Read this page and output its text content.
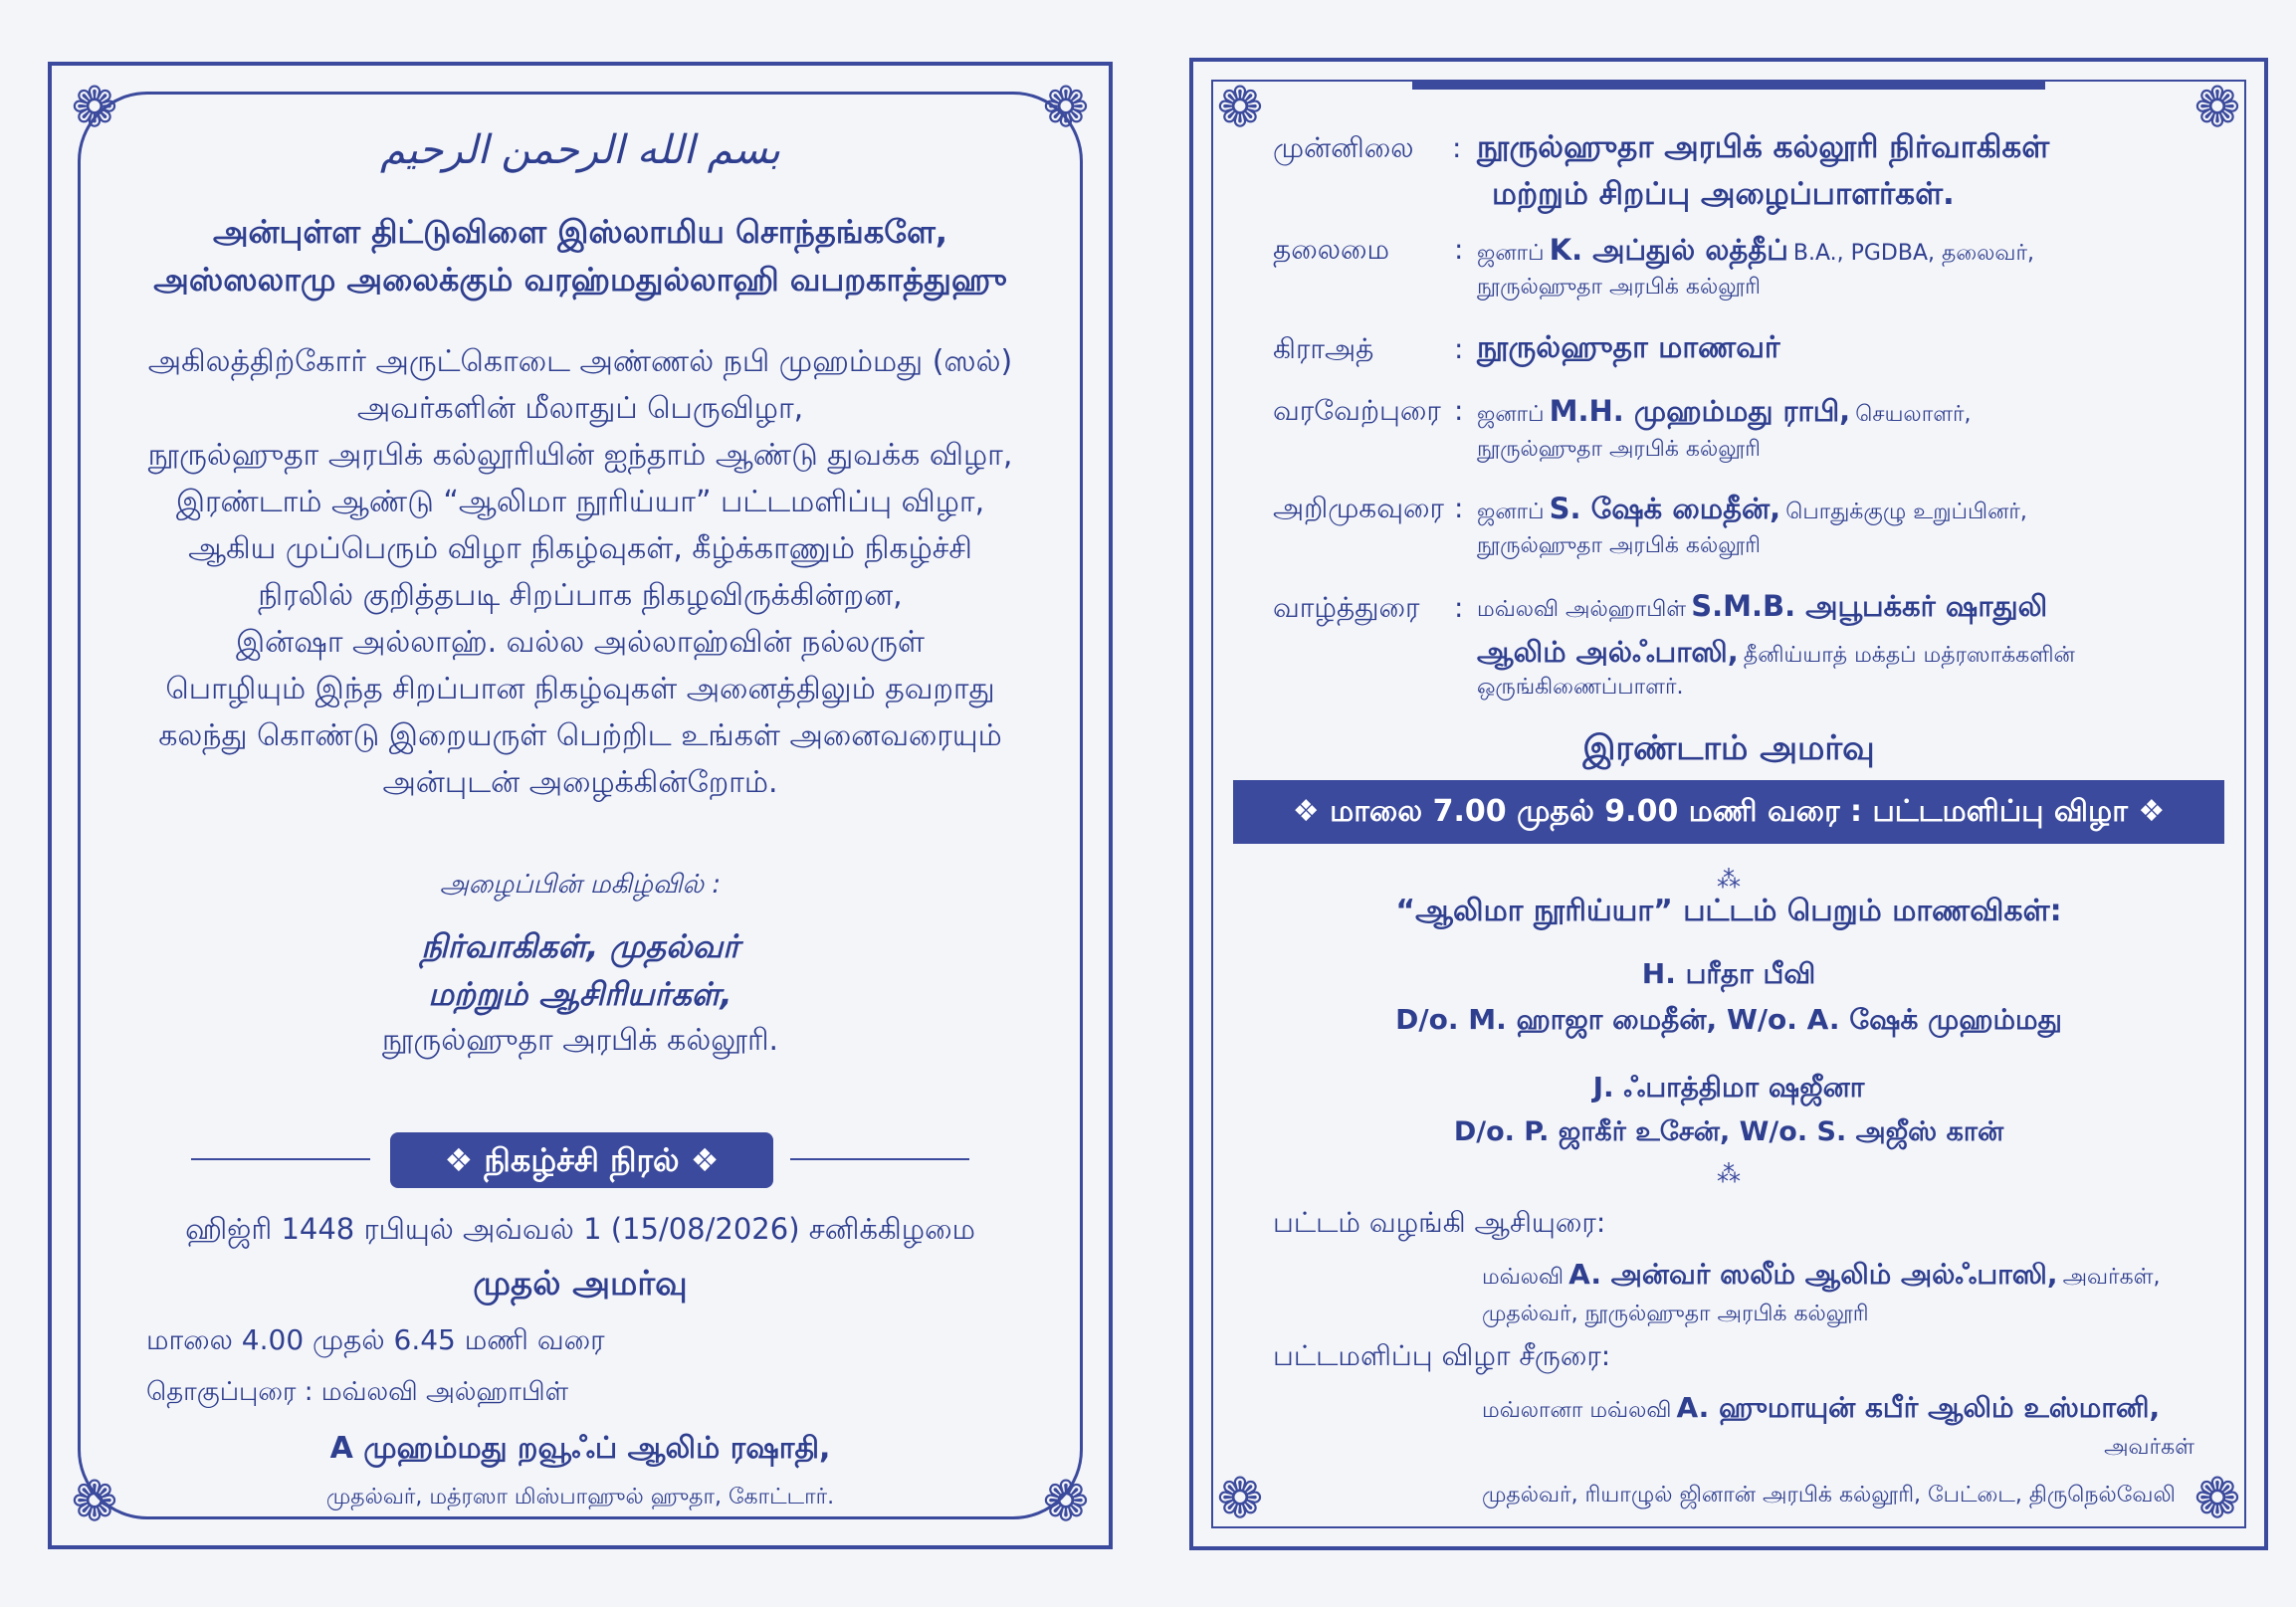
❁	❁
❁	❁
بسم الله الرحمن الرحيم
அன்புள்ள திட்டுவிளை இஸ்லாமிய சொந்தங்களே,
அஸ்ஸலாமு அலைக்கும் வரஹ்மதுல்லாஹி வபறகாத்துஹு
அகிலத்திற்கோர் அருட்கொடை அண்ணல் நபி முஹம்மது (ஸல்)
அவர்களின் மீலாதுப் பெருவிழா,
நூருல்ஹுதா அரபிக் கல்லூரியின் ஐந்தாம் ஆண்டு துவக்க விழா,
இரண்டாம் ஆண்டு “ஆலிமா நூரிய்யா” பட்டமளிப்பு விழா,
ஆகிய முப்பெரும் விழா நிகழ்வுகள், கீழ்க்காணும் நிகழ்ச்சி
நிரலில் குறித்தபடி சிறப்பாக நிகழவிருக்கின்றன,
இன்ஷா அல்லாஹ். வல்ல அல்லாஹ்வின் நல்லருள்
பொழியும் இந்த சிறப்பான நிகழ்வுகள் அனைத்திலும் தவறாது
கலந்து கொண்டு இறையருள் பெற்றிட உங்கள் அனைவரையும்
அன்புடன் அழைக்கின்றோம்.
அழைப்பின் மகிழ்வில் :
நிர்வாகிகள், முதல்வர்
மற்றும் ஆசிரியர்கள்,
நூருல்ஹுதா அரபிக் கல்லூரி.
❖ நிகழ்ச்சி நிரல் ❖
ஹிஜ்ரி 1448 ரபியுல் அவ்வல் 1 (15/08/2026) சனிக்கிழமை
முதல் அமர்வு
மாலை 4.00 முதல் 6.45 மணி வரை
தொகுப்புரை : மவ்லவி அல்ஹாபிள்
A முஹம்மது றவூஃப் ஆலிம் ரஷாதி,
முதல்வர், மத்ரஸா மிஸ்பாஹுல் ஹுதா, கோட்டார்.
❁	❁
❁	❁
முன்னிலை : நூருல்ஹுதா அரபிக் கல்லூரி நிர்வாகிகள்
மற்றும் சிறப்பு அழைப்பாளர்கள்.
தலைமை : ஜனாப் K. அப்துல் லத்தீப் B.A., PGDBA, தலைவர்,
நூருல்ஹுதா அரபிக் கல்லூரி
கிராஅத்	: நூருல்ஹுதா மாணவர்
வரவேற்புரை : ஜனாப் M.H. முஹம்மது ராபி, செயலாளர்,
நூருல்ஹுதா அரபிக் கல்லூரி
அறிமுகவுரை : ஜனாப் S. ஷேக் மைதீன், பொதுக்குழு உறுப்பினர்,
நூருல்ஹுதா அரபிக் கல்லூரி
வாழ்த்துரை : மவ்லவி அல்ஹாபிள் S.M.B. அபூபக்கர் ஷாதுலி
ஆலிம் அல்ஃபாஸி, தீனிய்யாத் மக்தப் மத்ரஸாக்களின்
ஒருங்கிணைப்பாளர்.
இரண்டாம் அமர்வு
❖ மாலை 7.00 முதல் 9.00 மணி வரை : பட்டமளிப்பு விழா ❖
⁂
“ஆலிமா நூரிய்யா” பட்டம் பெறும் மாணவிகள்:
H. பரீதா பீவி
D/o. M. ஹாஜா மைதீன், W/o. A. ஷேக் முஹம்மது
J. ஃபாத்திமா ஷஜீனா
D/o. P. ஜாகீர் உசேன், W/o. S. அஜீஸ் கான்
⁂
பட்டம் வழங்கி ஆசியுரை:
மவ்லவி A. அன்வர் ஸலீம் ஆலிம் அல்ஃபாஸி, அவர்கள்,
முதல்வர், நூருல்ஹுதா அரபிக் கல்லூரி
பட்டமளிப்பு விழா சீருரை:
மவ்லானா மவ்லவி A. ஹுமாயுன் கபீர் ஆலிம் உஸ்மானி,
அவர்கள்
முதல்வர், ரியாழுல் ஜினான் அரபிக் கல்லூரி, பேட்டை, திருநெல்வேலி
